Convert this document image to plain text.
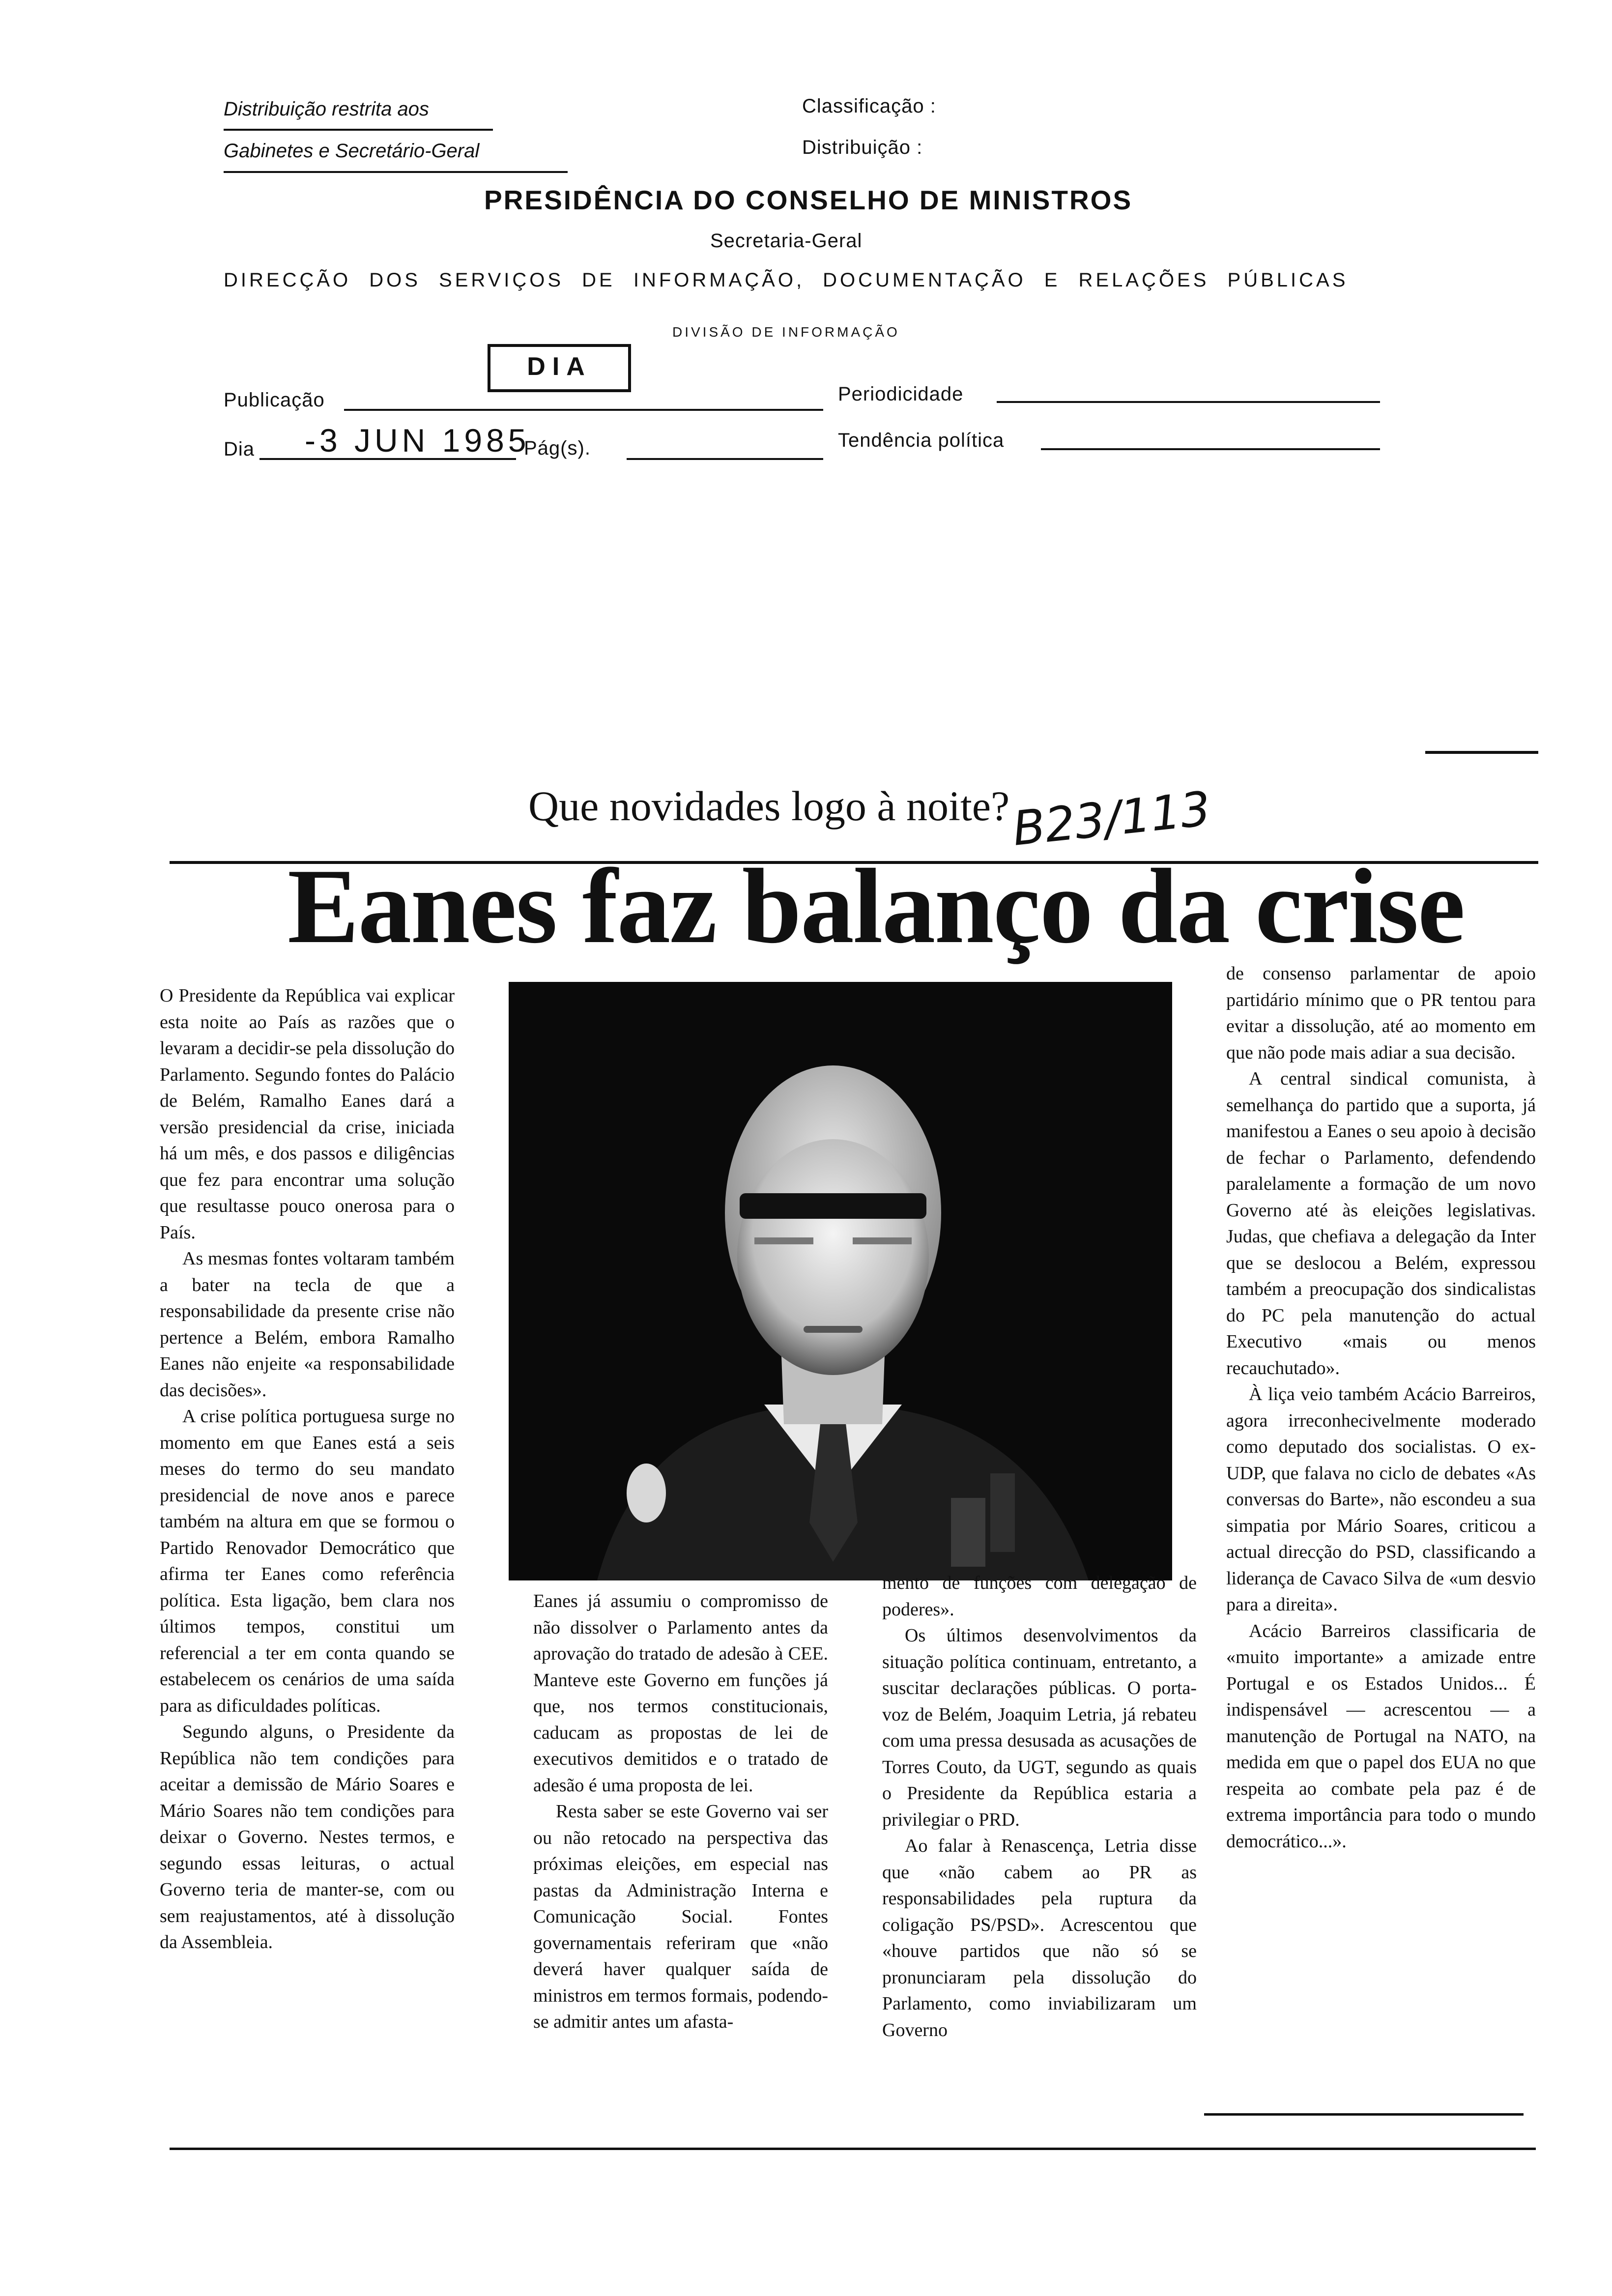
Distribuição restrita aos
Gabinetes e Secretário-Geral
Classificação :
Distribuição :
PRESIDÊNCIA DO CONSELHO DE MINISTROS
Secretaria-Geral
DIRECÇÃO DOS SERVIÇOS DE INFORMAÇÃO, DOCUMENTAÇÃO E RELAÇÕES PÚBLICAS
DIVISÃO DE INFORMAÇÃO
Publicação
DIA
Periodicidade
Dia -3 JUN 1985
Pág(s).	Tendência política
Que novidades logo à noite? B23/113
Eanes faz balanço da crise

O Presidente da República vai explicar esta noite ao País as razões que o levaram a decidir-se pela dissolução do Parlamento. Segundo fontes do Palácio de Belém, Ramalho Eanes dará a versão presidencial da crise, iniciada há um mês, e dos passos e diligências que fez para encontrar uma solução que resultasse pouco onerosa para o País.

As mesmas fontes voltaram também a bater na tecla de que a responsabilidade da presente crise não pertence a Belém, embora Ramalho Eanes não enjeite «a responsabilidade das decisões».

A crise política portuguesa surge no momento em que Eanes está a seis meses do termo do seu mandato presidencial de nove anos e parece também na altura em que se formou o Partido Renovador Democrático que afirma ter Eanes como referência política. Esta ligação, bem clara nos últimos tempos, constitui um referencial a ter em conta quando se estabelecem os cenários de uma saída para as dificuldades políticas.

Segundo alguns, o Presidente da República não tem condições para aceitar a demissão de Mário Soares e Mário Soares não tem condições para deixar o Governo. Nestes termos, e segundo essas leituras, o actual Governo teria de manter-se, com ou sem reajustamentos, até à dissolução da Assembleia.

Eanes já assumiu o compromisso de não dissolver o Parlamento antes da aprovação do tratado de adesão à CEE. Manteve este Governo em funções já que, nos termos constitucionais, caducam as propostas de lei de executivos demitidos e o tratado de adesão é uma proposta de lei.

Resta saber se este Governo vai ser ou não retocado na perspectiva das próximas eleições, em especial nas pastas da Administração Interna e Comunicação Social. Fontes governamentais referiram que «não deverá haver qualquer saída de ministros em termos formais, podendo-se admitir antes um afasta-

mento de funções com delegação de poderes».

Os últimos desenvolvimentos da situação política continuam, entretanto, a suscitar declarações públicas. O porta-voz de Belém, Joaquim Letria, já rebateu com uma pressa desusada as acusações de Torres Couto, da UGT, segundo as quais o Presidente da República estaria a privilegiar o PRD.

Ao falar à Renascença, Letria disse que «não cabem ao PR as responsabilidades pela ruptura da coligação PS/PSD». Acrescentou que «houve partidos que não só se pronunciaram pela dissolução do Parlamento, como inviabilizaram um Governo

de consenso parlamentar de apoio partidário mínimo que o PR tentou para evitar a dissolução, até ao momento em que não pode mais adiar a sua decisão.

A central sindical comunista, à semelhança do partido que a suporta, já manifestou a Eanes o seu apoio à decisão de fechar o Parlamento, defendendo paralelamente a formação de um novo Governo até às eleições legislativas. Judas, que chefiava a delegação da Inter que se deslocou a Belém, expressou também a preocupação dos sindicalistas do PC pela manutenção do actual Executivo «mais ou menos recauchutado».

À liça veio também Acácio Barreiros, agora irreconhecivelmente moderado como deputado dos socialistas. O ex-UDP, que falava no ciclo de debates «As conversas do Barte», não escondeu a sua simpatia por Mário Soares, criticou a actual direcção do PSD, classificando a liderança de Cavaco Silva de «um desvio para a direita».

Acácio Barreiros classificaria de «muito importante» a amizade entre Portugal e os Estados Unidos... É indispensável — acrescentou — a manutenção de Portugal na NATO, na medida em que o papel dos EUA no que respeita ao combate pela paz é de extrema importância para todo o mundo democrático...».
